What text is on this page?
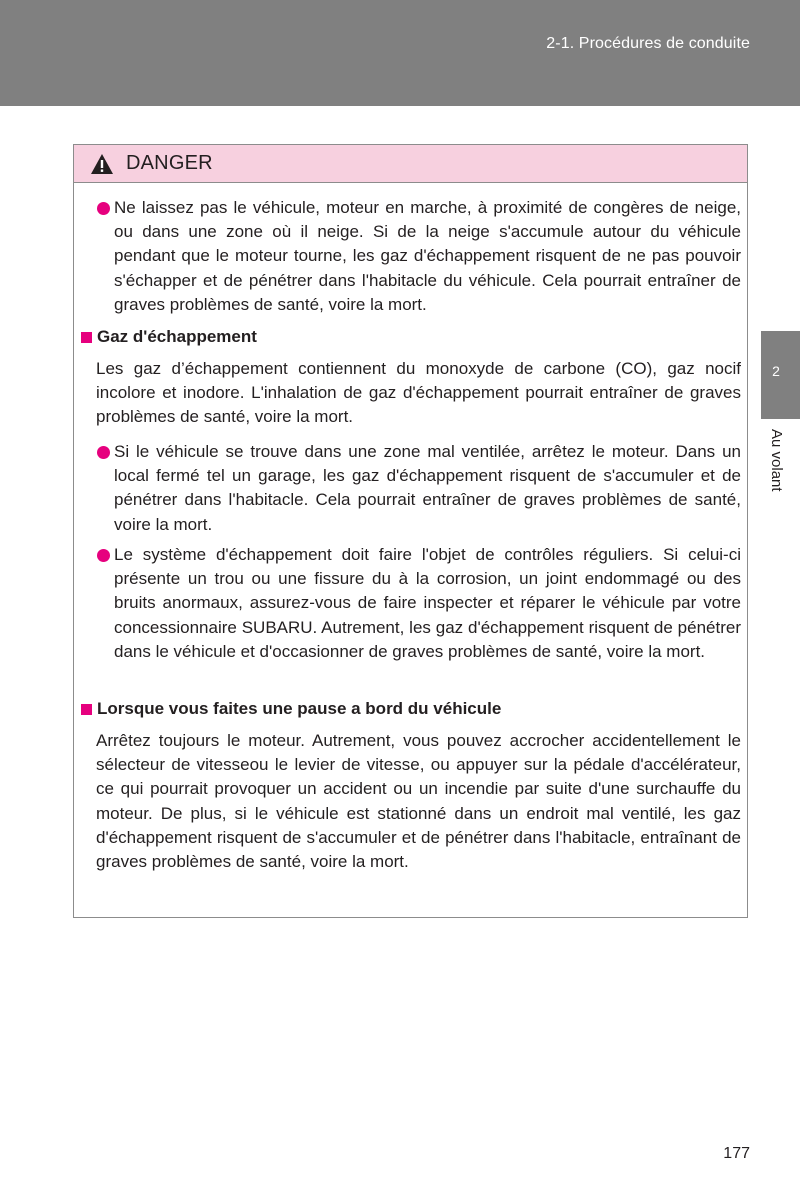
2-1. Procédures de conduite
2
Au volant
DANGER
Ne laissez pas le véhicule, moteur en marche, à proximité de congères de neige, ou dans une zone où il neige. Si de la neige s'accumule autour du véhicule pendant que le moteur tourne, les gaz d'échappement risquent de ne pas pouvoir s'échapper et de pénétrer dans l'habitacle du véhicule. Cela pourrait entraîner de graves problèmes de santé, voire la mort.
Gaz d'échappement
Les gaz d’échappement contiennent du monoxyde de carbone (CO), gaz nocif incolore et inodore. L'inhalation de gaz d'échappement pourrait entraîner de graves problèmes de santé, voire la mort.
Si le véhicule se trouve dans une zone mal ventilée, arrêtez le moteur. Dans un local fermé tel un garage, les gaz d'échappement risquent de s'accumuler et de pénétrer dans l'habitacle. Cela pourrait entraîner de graves problèmes de santé, voire la mort.
Le système d'échappement doit faire l'objet de contrôles réguliers. Si celui-ci présente un trou ou une fissure du à la corrosion, un joint endommagé ou des bruits anormaux, assurez-vous de faire inspecter et réparer le véhicule par votre concessionnaire SUBARU. Autrement, les gaz d'échappement risquent de pénétrer dans le véhicule et d'occasionner de graves problèmes de santé, voire la mort.
Lorsque vous faites une pause a bord du véhicule
Arrêtez toujours le moteur. Autrement, vous pouvez accrocher accidentellement le sélecteur de vitesseou le levier de vitesse, ou appuyer sur la pédale d'accélérateur, ce qui pourrait provoquer un accident ou un incendie par suite d'une surchauffe du moteur. De plus, si le véhicule est stationné dans un endroit mal ventilé, les gaz d'échappement risquent de s'accumuler et de pénétrer dans l'habitacle, entraînant de graves problèmes de santé, voire la mort.
177
